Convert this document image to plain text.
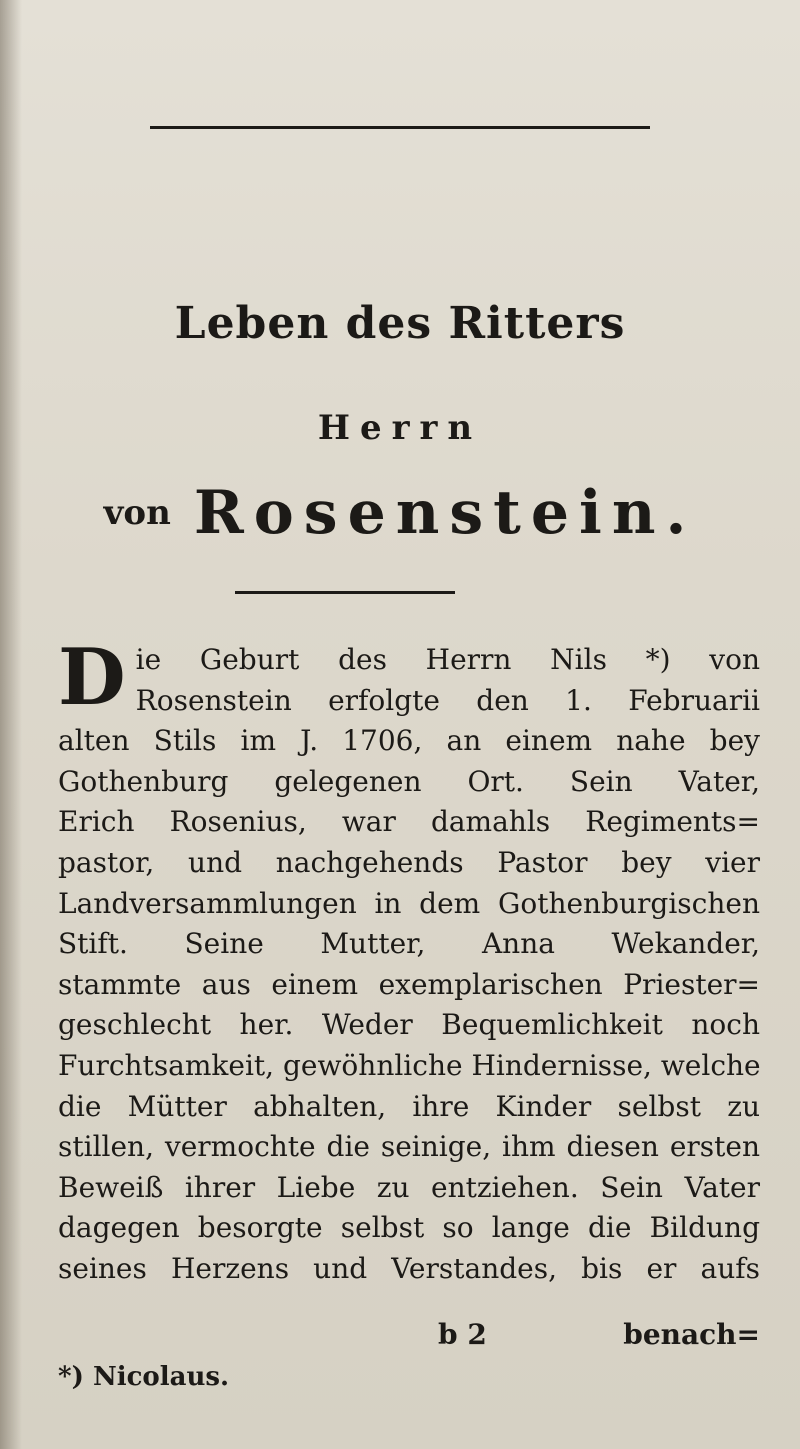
Leben des Ritters
Herrn
von Rosenstein.
D ie Geburt des Herrn Nils *) von
Rosenstein erfolgte den 1. Februarii
alten Stils im J. 1706, an einem nahe bey
Gothenburg gelegenen Ort. Sein Vater,
Erich Rosenius, war damahls Regiments=
pastor, und nachgehends Pastor bey vier
Landversammlungen in dem Gothenburgischen
Stift. Seine Mutter, Anna Wekander,
stammte aus einem exemplarischen Priester=
geschlecht her. Weder Bequemlichkeit noch
Furchtsamkeit, gewöhnliche Hindernisse, welche
die Mütter abhalten, ihre Kinder selbst zu
stillen, vermochte die seinige, ihm diesen ersten
Beweiß ihrer Liebe zu entziehen. Sein Vater
dagegen besorgte selbst so lange die Bildung
seines Herzens und Verstandes, bis er aufs
b 2	benach=
*) Nicolaus.
